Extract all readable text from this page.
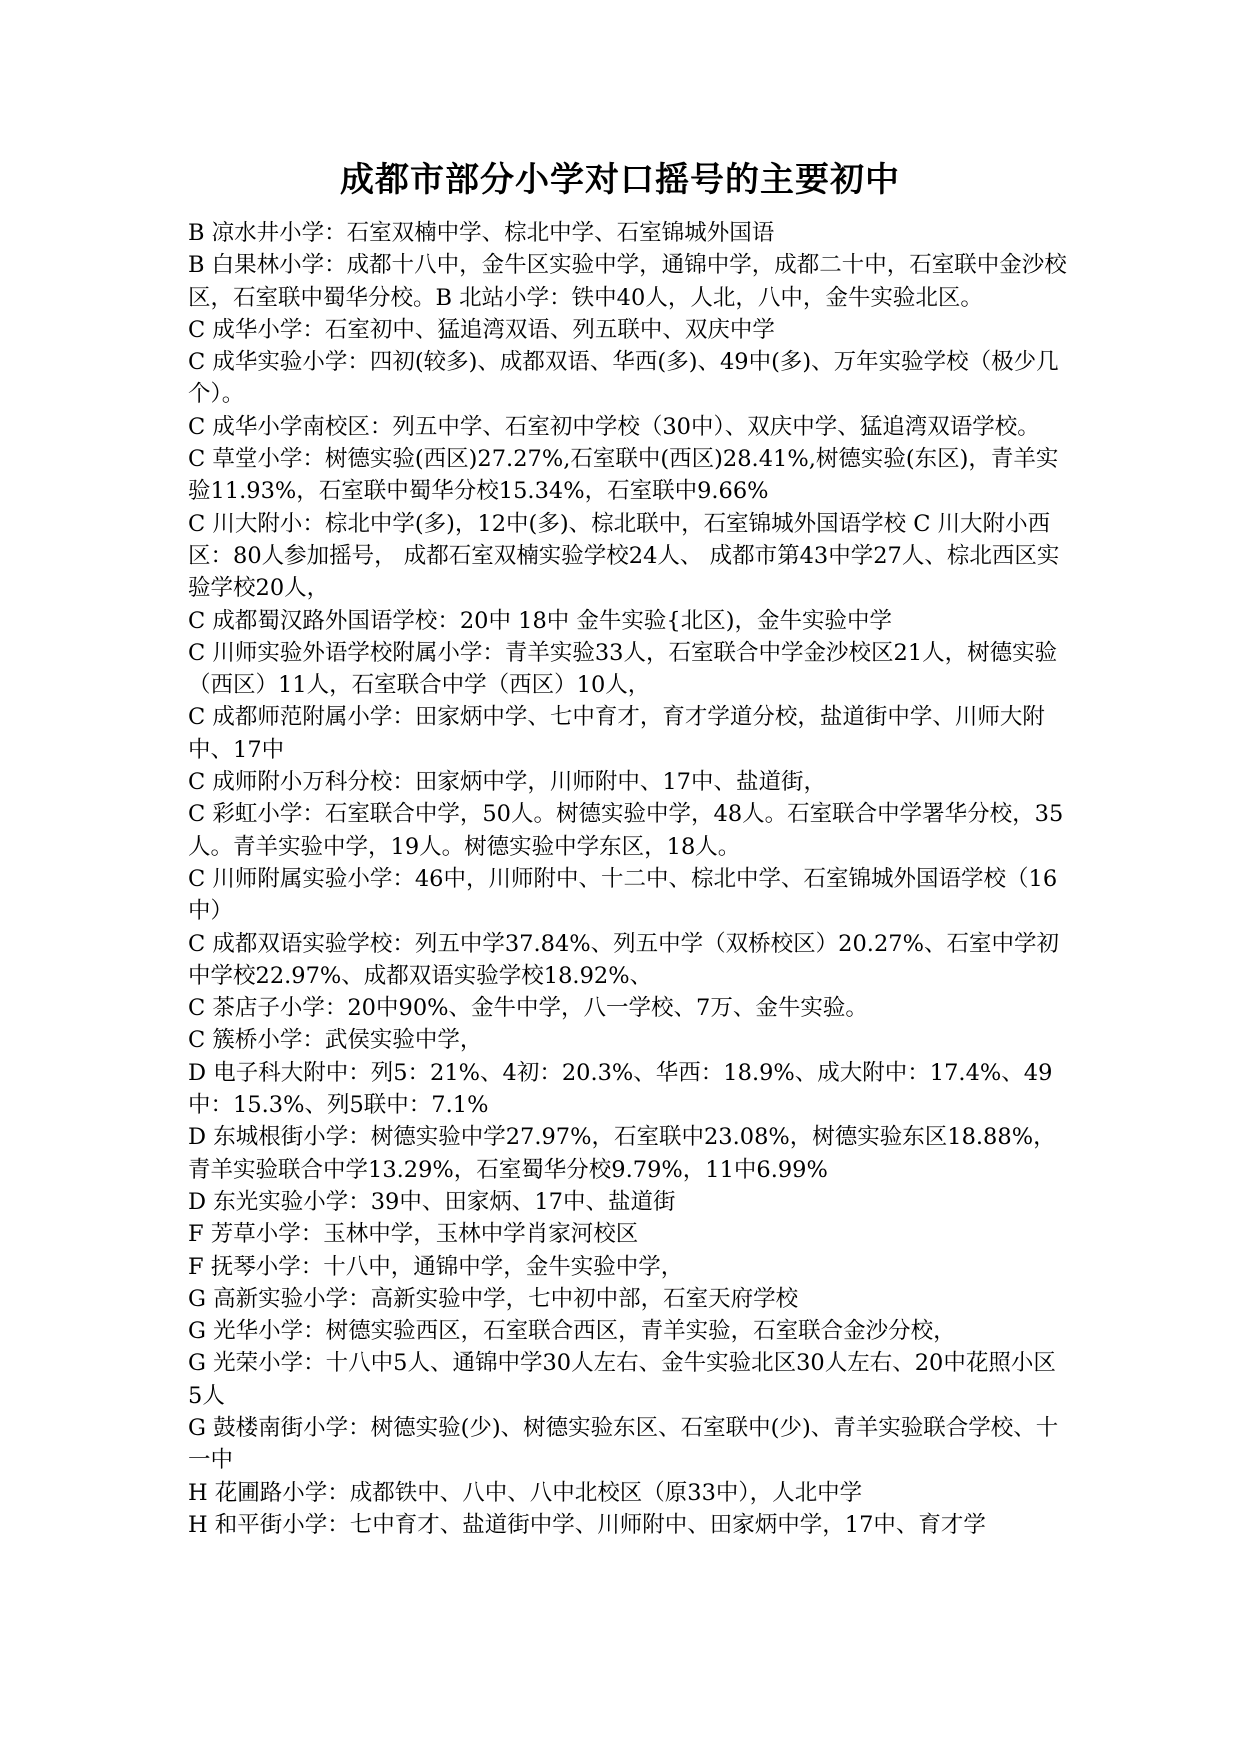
成都市部分小学对口摇号的主要初中

B 凉水井小学：石室双楠中学、棕北中学、石室锦城外国语

B 白果林小学：成都十八中，金牛区实验中学，通锦中学，成都二十中，石室联中金沙校区，石室联中蜀华分校。B 北站小学：铁中40人，人北，八中，金牛实验北区。

C 成华小学：石室初中、猛追湾双语、列五联中、双庆中学

C 成华实验小学：四初(较多)、成都双语、华西(多)、49中(多)、万年实验学校（极少几个）。

C 成华小学南校区：列五中学、石室初中学校（30中）、双庆中学、猛追湾双语学校。　　　C 草堂小学：树德实验(西区)27.27%,石室联中(西区)28.41%,树德实验(东区)，青羊实验11.93%，石室联中蜀华分校15.34%，石室联中9.66%

C 川大附小：棕北中学(多)，12中(多)、棕北联中，石室锦城外国语学校 C 川大附小西区：80人参加摇号， 成都石室双楠实验学校24人、 成都市第43中学27人、棕北西区实验学校20人，

C 成都蜀汉路外国语学校：20中 18中 金牛实验{北区)，金牛实验中学

C 川师实验外语学校附属小学：青羊实验33人，石室联合中学金沙校区21人，树德实验（西区）11人，石室联合中学（西区）10人，

C 成都师范附属小学：田家炳中学、七中育才，育才学道分校，盐道街中学、川师大附中、17中

C 成师附小万科分校：田家炳中学，川师附中、17中、盐道街，

C 彩虹小学：石室联合中学，50人。树德实验中学，48人。石室联合中学署华分校，35人。青羊实验中学，19人。树德实验中学东区，18人。

C 川师附属实验小学：46中，川师附中、十二中、棕北中学、石室锦城外国语学校（16中）

C 成都双语实验学校：列五中学37.84%、列五中学（双桥校区）20.27%、石室中学初中学校22.97%、成都双语实验学校18.92%、

C 茶店子小学：20中90%、金牛中学，八一学校、7万、金牛实验。

C 簇桥小学：武侯实验中学，

D 电子科大附中：列5：21%、4初：20.3%、华西：18.9%、成大附中：17.4%、49中：15.3%、列5联中：7.1%

D 东城根街小学：树德实验中学27.97%，石室联中23.08%，树德实验东区18.88%，青羊实验联合中学13.29%，石室蜀华分校9.79%，11中6.99%

D 东光实验小学：39中、田家炳、17中、盐道街

F 芳草小学：玉林中学，玉林中学肖家河校区

F 抚琴小学：十八中，通锦中学，金牛实验中学，

G 高新实验小学：高新实验中学，七中初中部，石室天府学校

G 光华小学：树德实验西区，石室联合西区，青羊实验，石室联合金沙分校，

G 光荣小学：十八中5人、通锦中学30人左右、金牛实验北区30人左右、20中花照小区5人

G 鼓楼南街小学：树德实验(少)、树德实验东区、石室联中(少)、青羊实验联合学校、十一中

H 花圃路小学：成都铁中、八中、八中北校区（原33中），人北中学

H 和平街小学：七中育才、盐道街中学、川师附中、田家炳中学，17中、育才学
